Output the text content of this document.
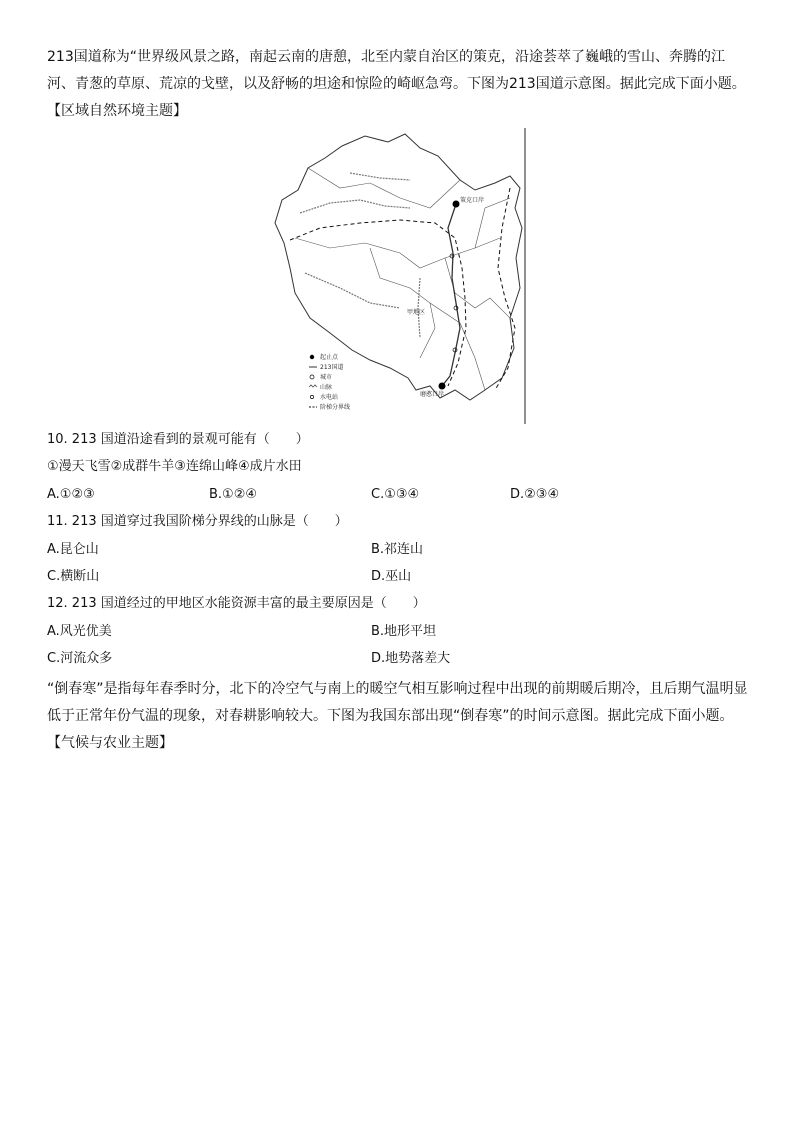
213国道称为“世界级风景之路，南起云南的唐憩，北至内蒙自治区的策克，沿途荟萃了巍峨的雪山、奔腾的江河、青葱的草原、荒凉的戈壁，以及舒畅的坦途和惊险的崎岖急弯。下图为213国道示意图。据此完成下面小题。【区域自然环境主题】
策克口岸
磨憨口岸
甲地区
起止点
213国道
城市
山脉
水电站
阶梯分界线
10. 213 国道沿途看到的景观可能有（　　）
①漫天飞雪②成群牛羊③连绵山峰④成片水田
A.①②③	B.①②④	C.①③④	D.②③④
11. 213 国道穿过我国阶梯分界线的山脉是（　　）
A.昆仑山	B.祁连山
C.横断山	D.巫山
12. 213 国道经过的甲地区水能资源丰富的最主要原因是（　　）
A.风光优美	B.地形平坦
C.河流众多	D.地势落差大
“倒春寒”是指每年春季时分，北下的冷空气与南上的暖空气相互影响过程中出现的前期暖后期冷，且后期气温明显低于正常年份气温的现象，对春耕影响较大。下图为我国东部出现“倒春寒”的时间示意图。据此完成下面小题。
【气候与农业主题】
